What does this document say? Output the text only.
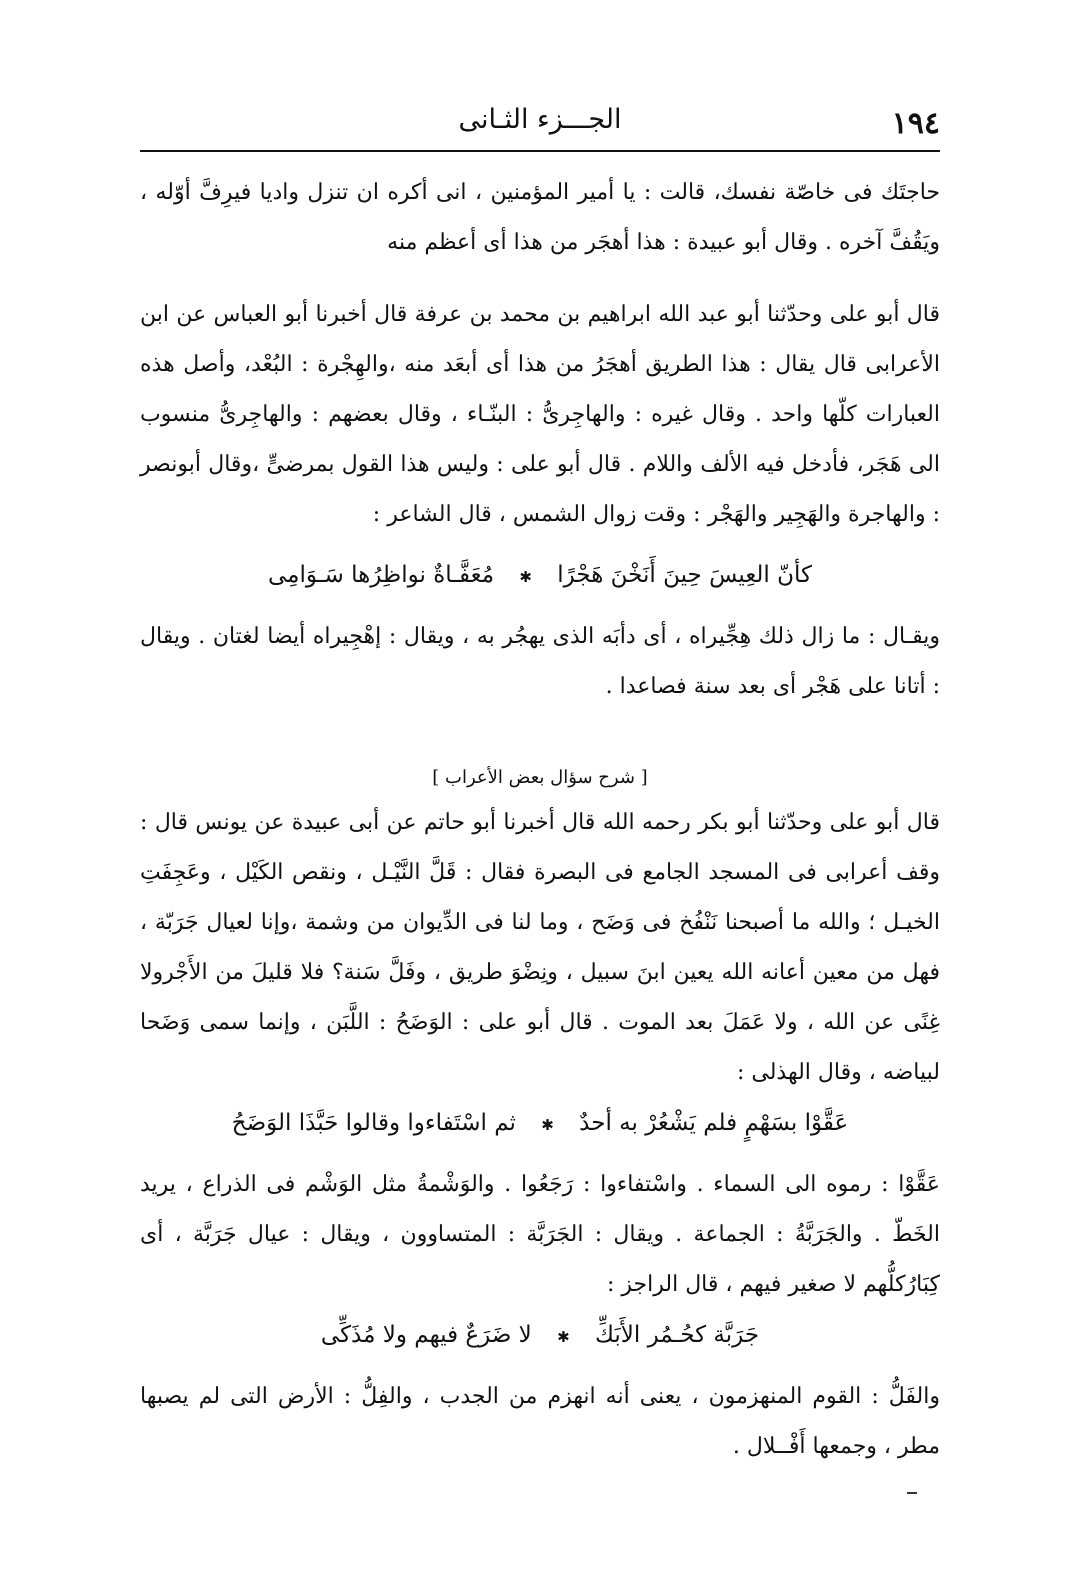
١٩٤
الجـــزء الثـانى

حاجتَك فى خاصّة نفسك، قالت : يا أمير المؤمنين ، انى أكره ان تنزل واديا فيرِفَّ أوّله ، ويَقُفَّ آخره . وقال أبو عبيدة : هذا أهجَر من هذا أى أعظم منه

قال أبو على وحدّثنا أبو عبد الله ابراهيم بن محمد بن عرفة قال أخبرنا أبو العباس عن ابن الأعرابى قال يقال : هذا الطريق أهجَرُ من هذا أى أبعَد منه ،والهِجْرة : البُعْد، وأصل هذه العبارات كلّها واحد . وقال غيره : والهاجِرىُّ : البنّـاء ، وقال بعضهم : والهاجِرىُّ منسوب الى هَجَر، فأدخل فيه الألف واللام . قال أبو على : وليس هذا القول بمرضىٍّ ،وقال أبونصر : والهاجرة والهَجِير والهَجْر : وقت زوال الشمس ، قال الشاعر :

كأنّ العِيسَ حِينَ أَنَخْنَ هَجْرًا ✱ مُعَفَّـاةٌ نواظِرُها سَـوَامِى

ويقـال : ما زال ذلك هِجِّيراه ، أى دأبَه الذى يهجُر به ، ويقال : إهْجِيراه أيضا لغتان . ويقال : أتانا على هَجْر أى بعد سنة فصاعدا .

[ شرح سؤال بعض الأعراب ]

قال أبو على وحدّثنا أبو بكر رحمه الله قال أخبرنا أبو حاتم عن أبى عبيدة عن يونس قال : وقف أعرابى فى المسجد الجامع فى البصرة فقال : قَلَّ النَّيْـل ، ونقص الكَيْل ، وعَجِفَتِ الخيـل ؛ والله ما أصبحنا نَنْفُخ فى وَضَح ، وما لنا فى الدِّيوان من وشمة ،وإنا لعيال جَرَبّة ، فهل من معين أعانه الله يعين ابنَ سبيل ، ونِضْوَ طريق ، وفَلَّ سَنة؟ فلا قليلَ من الأَجْرولا غِنًى عن الله ، ولا عَمَلَ بعد الموت . قال أبو على : الوَضَحُ : اللَّبَن ، وإنما سمى وَضَحا لبياضه ، وقال الهذلى :

عَقَّوْا بسَهْمٍ فلم يَشْعُرْ به أحدٌ ✱ ثم اسْتَفاءوا وقالوا حَبَّذَا الوَضَحُ

عَقَّوْا : رموه الى السماء . واسْتفاءوا : رَجَعُوا . والوَشْمةُ مثل الوَشْم فى الذراع ، يريد الخَطّ . والجَرَبَّةُ : الجماعة . ويقال : الجَرَبَّة : المتساوون ، ويقال : عيال جَرَبَّة ، أى كِبَارُكلُّهم لا صغير فيهم ، قال الراجز :

جَرَبَّة كحُـمُر الأَبَكِّ ✱ لا ضَرَعٌ فيهم ولا مُذَكِّى

والفَلُّ : القوم المنهزمون ، يعنى أنه انهزم من الجدب ، والفِلُّ : الأرض التى لم يصبها مطر ، وجمعها أَفْــلال .
